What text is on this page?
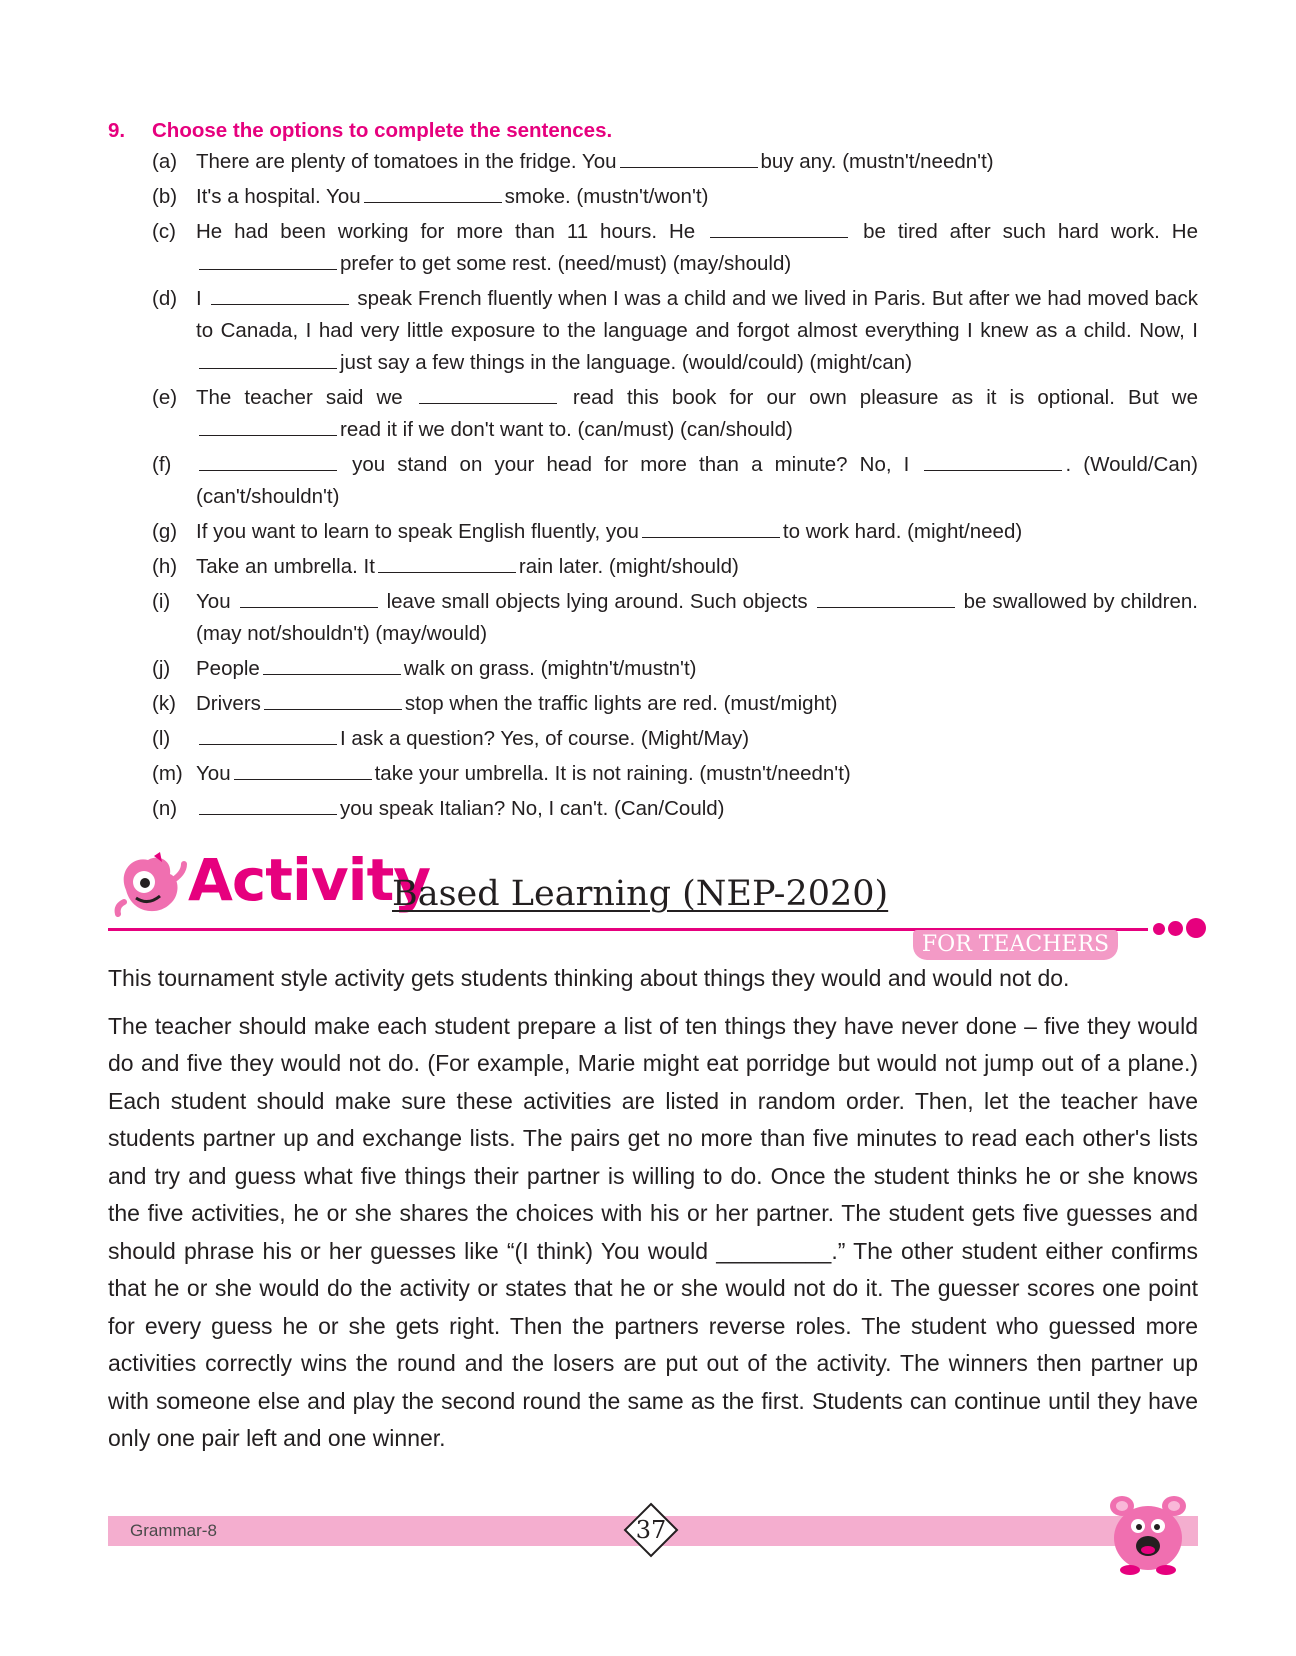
9.	Choose the options to complete the sentences.
(a) There are plenty of tomatoes in the fridge. You	buy any. (mustn't/needn't)
(b) It's a hospital. You	smoke. (mustn't/won't)
(c) He had been working for more than 11 hours. He	be tired after such hard work. He prefer to get some rest. (need/must) (may/should)
(d) I	speak French fluently when I was a child and we lived in Paris. But after we had moved back to Canada, I had very little exposure to the language and forgot almost everything I knew as a child. Now, I just say a few things in the language. (would/could) (might/can)
(e) The teacher said we	read this book for our own pleasure as it is optional. But we read it if we don't want to. (can/must) (can/should)
(f)	you stand on your head for more than a minute? No, I	. (Would/Can) (can't/shouldn't)
(g) If you want to learn to speak English fluently, you	to work hard. (might/need)
(h) Take an umbrella. It	rain later. (might/should)
(i)	You	leave small objects lying around. Such objects	be swallowed by children. (may not/shouldn't) (may/would)
(j)	People	walk on grass. (mightn't/mustn't)
(k) Drivers	stop when the traffic lights are red. (must/might)
(l)	I ask a question? Yes, of course. (Might/May)
(m) You	take your umbrella. It is not raining. (mustn't/needn't)
(n)	you speak Italian? No, I can't. (Can/Could)
Activity
Based Learning (NEP-2020)
FOR TEACHERS

This tournament style activity gets students thinking about things they would and would not do.

The teacher should make each student prepare a list of ten things they have never done – five they would do and five they would not do. (For example, Marie might eat porridge but would not jump out of a plane.) Each student should make sure these activities are listed in random order. Then, let the teacher have students partner up and exchange lists. The pairs get no more than five minutes to read each other's lists and try and guess what five things their partner is willing to do. Once the student thinks he or she knows the five activities, he or she shares the choices with his or her partner. The student gets five guesses and should phrase his or her guesses like “(I think) You would _________.” The other student either confirms that he or she would do the activity or states that he or she would not do it. The guesser scores one point for every guess he or she gets right. Then the partners reverse roles. The student who guessed more activities correctly wins the round and the losers are put out of the activity. The winners then partner up with someone else and play the second round the same as the first. Students can continue until they have only one pair left and one winner.

Grammar-8	37
